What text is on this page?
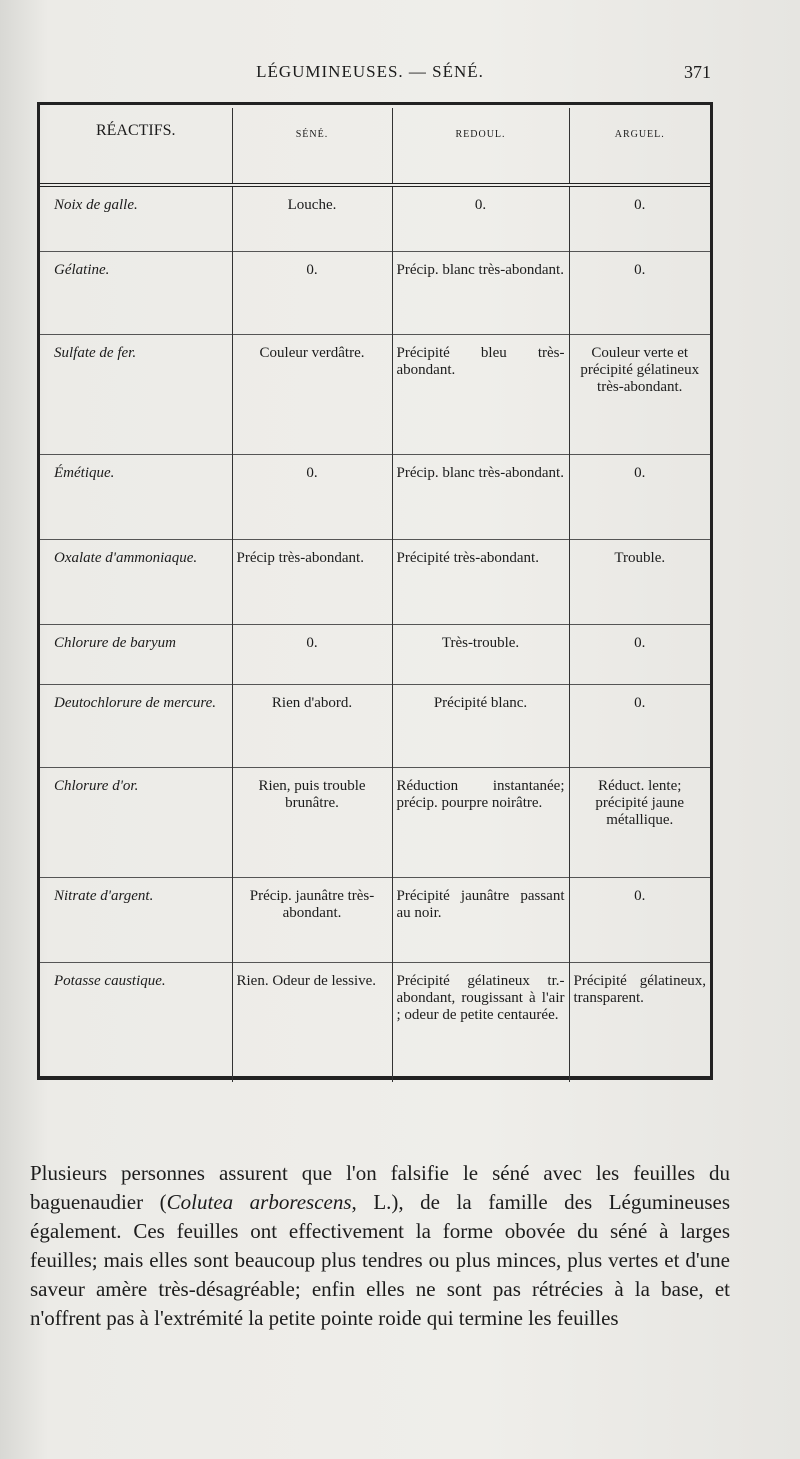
LÉGUMINEUSES. — SÉNÉ.	371
RÉACTIFS.	SÉNÉ.	REDOUL.	ARGUEL.
Noix de galle.	Louche.	0.	0.
Gélatine.	0.	Précip. blanc très-abondant.	0.
Sulfate de fer.	Couleur verdâtre.	Précipité bleu très-abondant.	Couleur verte et précipité gélatineux très-abondant.
Émétique.	0.	Précip. blanc très-abondant.	0.
Oxalate d'ammoniaque.	Précip très-abondant.	Précipité très-abondant.	Trouble.
Chlorure de baryum	0.	Très-trouble.	0.
Deutochlorure de mercure.	Rien d'abord.	Précipité blanc.	0.
Chlorure d'or.	Rien, puis trouble brunâtre.	Réduction instantanée; précip. pourpre noirâtre.	Réduct. lente; précipité jaune métallique.
Nitrate d'argent.	Précip. jaunâtre très-abondant.	Précipité jaunâtre passant au noir.	0.
Potasse caustique.	Rien. Odeur de lessive.	Précipité gélatineux tr.-abondant, rougissant à l'air ; odeur de petite centaurée.	Précipité gélatineux, transparent.

Plusieurs personnes assurent que l'on falsifie le séné avec les feuilles du baguenaudier (Colutea arborescens, L.), de la famille des Légumineuses également. Ces feuilles ont effectivement la forme obovée du séné à larges feuilles; mais elles sont beaucoup plus tendres ou plus minces, plus vertes et d'une saveur amère très-désagréable; enfin elles ne sont pas rétrécies à la base, et n'offrent pas à l'extrémité la petite pointe roide qui termine les feuilles
